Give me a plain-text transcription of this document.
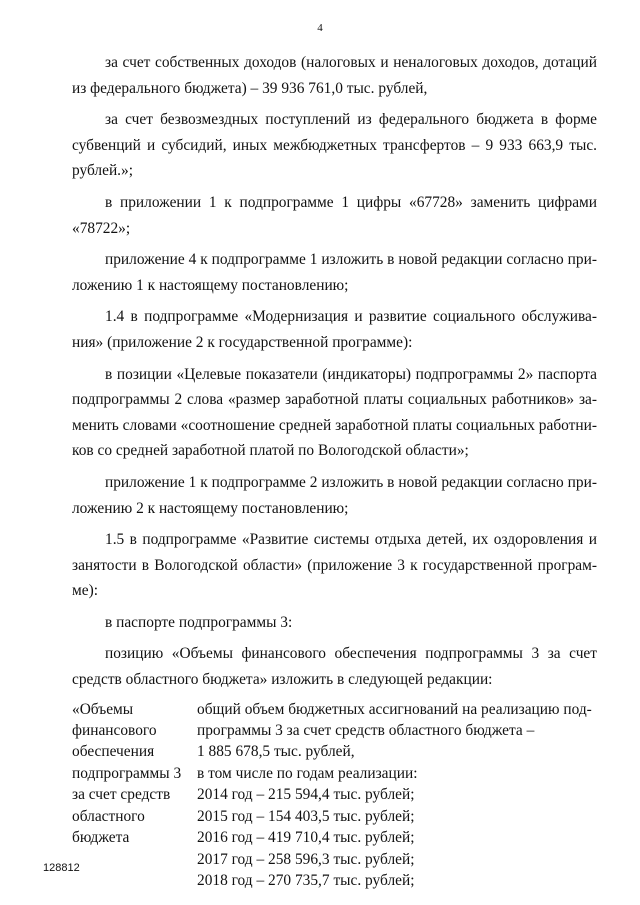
4

за счет собственных доходов (налоговых и неналоговых доходов, дотаций из федерального бюджета) – 39 936 761,0 тыс. рублей,

за счет безвозмездных поступлений из федерального бюджета в форме субвенций и субсидий, иных межбюджетных трансфертов – 9 933 663,9 тыс. рублей.»;

в приложении 1 к подпрограмме 1 цифры «67728» заменить цифрами «78722»;

приложение 4 к подпрограмме 1 изложить в новой редакции согласно приложению 1 к настоящему постановлению;

1.4 в подпрограмме «Модернизация и развитие социального обслуживания» (приложение 2 к государственной программе):

в позиции «Целевые показатели (индикаторы) подпрограммы 2» паспорта подпрограммы 2 слова «размер заработной платы социальных работников» заменить словами «соотношение средней заработной платы социальных работников со средней заработной платой по Вологодской области»;

приложение 1 к подпрограмме 2 изложить в новой редакции согласно приложению 2 к настоящему постановлению;

1.5 в подпрограмме «Развитие системы отдыха детей, их оздоровления и занятости в Вологодской области» (приложение 3 к государственной программе):

в паспорте подпрограммы 3:

позицию «Объемы финансового обеспечения подпрограммы 3 за счет средств областного бюджета» изложить в следующей редакции:

«Объемы
финансового
обеспечения
подпрограммы 3
за счет средств
областного
бюджета
общий объем бюджетных ассигнований на реализацию под-
программы 3 за счет средств областного бюджета –
1 885 678,5 тыс. рублей,
в том числе по годам реализации:
2014 год – 215 594,4 тыс. рублей;
2015 год – 154 403,5 тыс. рублей;
2016 год – 419 710,4 тыс. рублей;
2017 год – 258 596,3 тыс. рублей;
2018 год – 270 735,7 тыс. рублей;
128812
